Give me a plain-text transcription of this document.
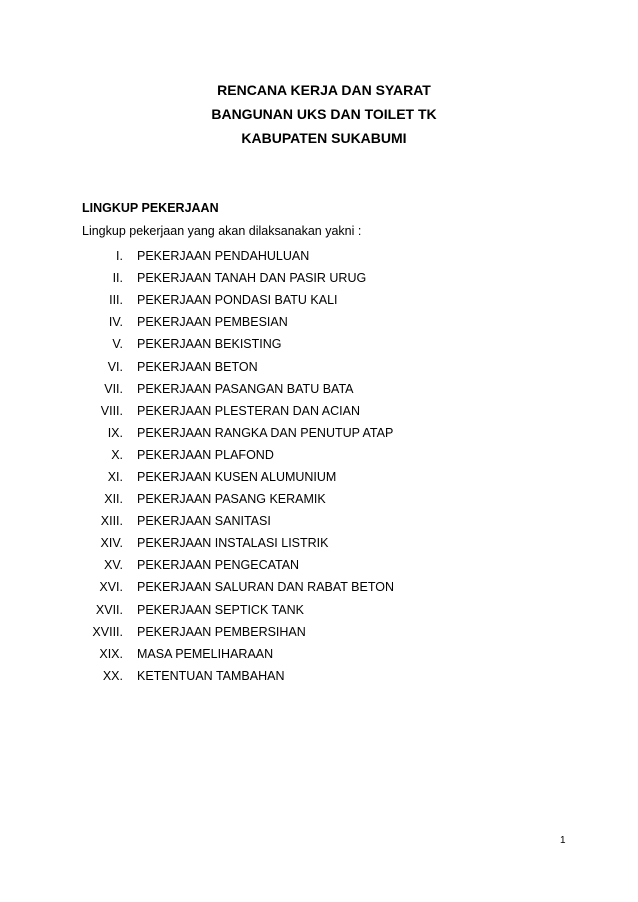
RENCANA KERJA DAN SYARAT
BANGUNAN UKS DAN TOILET TK
KABUPATEN SUKABUMI
LINGKUP PEKERJAAN
Lingkup pekerjaan yang akan dilaksanakan yakni :
I.	PEKERJAAN PENDAHULUAN
II.	PEKERJAAN TANAH DAN PASIR URUG
III.	PEKERJAAN PONDASI BATU KALI
IV.	PEKERJAAN PEMBESIAN
V.	PEKERJAAN BEKISTING
VI.	PEKERJAAN BETON
VII.	PEKERJAAN PASANGAN BATU BATA
VIII.	PEKERJAAN PLESTERAN DAN ACIAN
IX.	PEKERJAAN RANGKA DAN PENUTUP ATAP
X.	PEKERJAAN PLAFOND
XI.	PEKERJAAN KUSEN ALUMUNIUM
XII.	PEKERJAAN PASANG KERAMIK
XIII.	PEKERJAAN SANITASI
XIV.	PEKERJAAN INSTALASI LISTRIK
XV.	PEKERJAAN PENGECATAN
XVI.	PEKERJAAN SALURAN DAN RABAT BETON
XVII.	PEKERJAAN SEPTICK TANK
XVIII.	PEKERJAAN PEMBERSIHAN
XIX.	MASA PEMELIHARAAN
XX.	KETENTUAN TAMBAHAN
1
